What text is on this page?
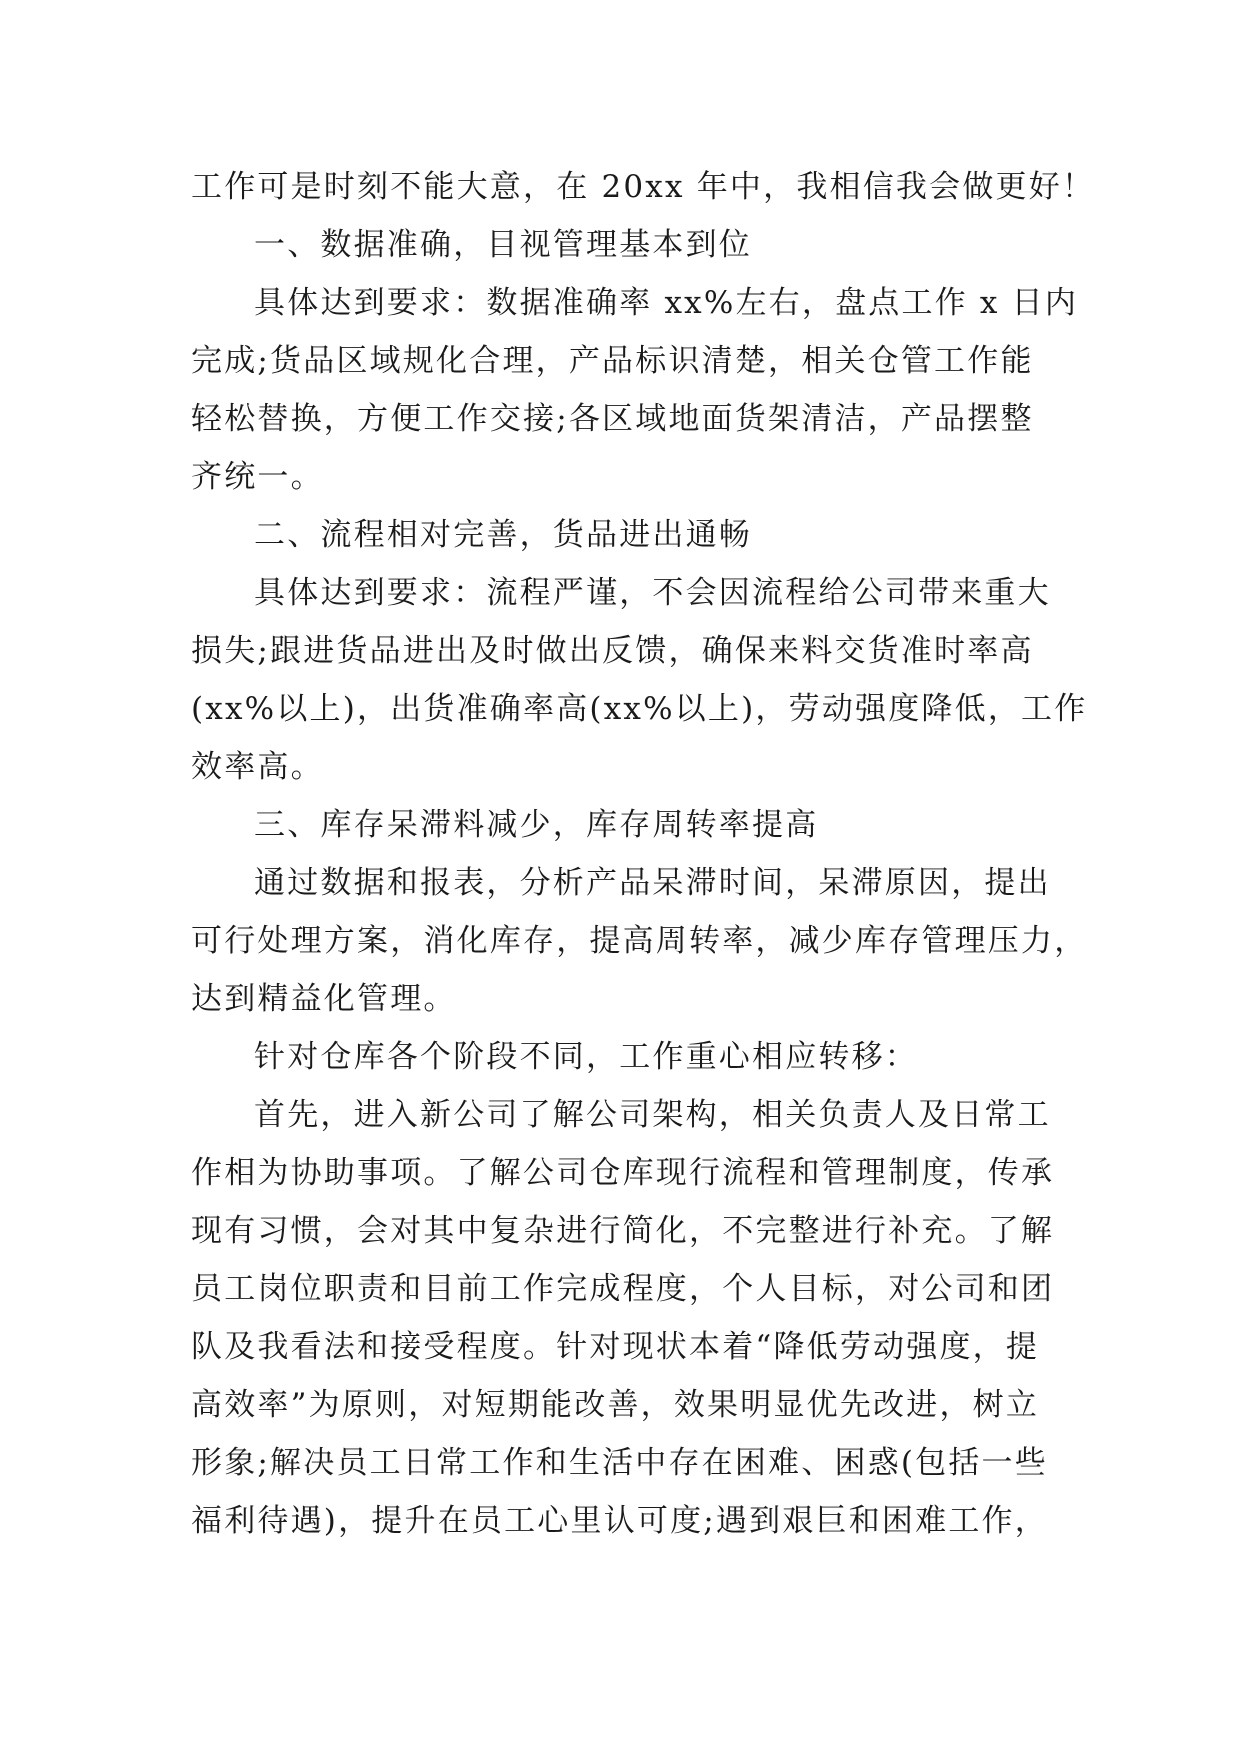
工作可是时刻不能大意，在 20xx 年中，我相信我会做更好！
一、数据准确，目视管理基本到位
具体达到要求：数据准确率 xx%左右，盘点工作 x 日内
完成;货品区域规化合理，产品标识清楚，相关仓管工作能
轻松替换，方便工作交接;各区域地面货架清洁，产品摆整
齐统一。
二、流程相对完善，货品进出通畅
具体达到要求：流程严谨，不会因流程给公司带来重大
损失;跟进货品进出及时做出反馈，确保来料交货准时率高
(xx%以上)，出货准确率高(xx%以上)，劳动强度降低，工作
效率高。
三、库存呆滞料减少，库存周转率提高
通过数据和报表，分析产品呆滞时间，呆滞原因，提出
可行处理方案，消化库存，提高周转率，减少库存管理压力，
达到精益化管理。
针对仓库各个阶段不同，工作重心相应转移：
首先，进入新公司了解公司架构，相关负责人及日常工
作相为协助事项。了解公司仓库现行流程和管理制度，传承
现有习惯，会对其中复杂进行简化，不完整进行补充。了解
员工岗位职责和目前工作完成程度，个人目标，对公司和团
队及我看法和接受程度。针对现状本着“降低劳动强度，提
高效率”为原则，对短期能改善，效果明显优先改进，树立
形象;解决员工日常工作和生活中存在困难、困惑(包括一些
福利待遇)，提升在员工心里认可度;遇到艰巨和困难工作，
